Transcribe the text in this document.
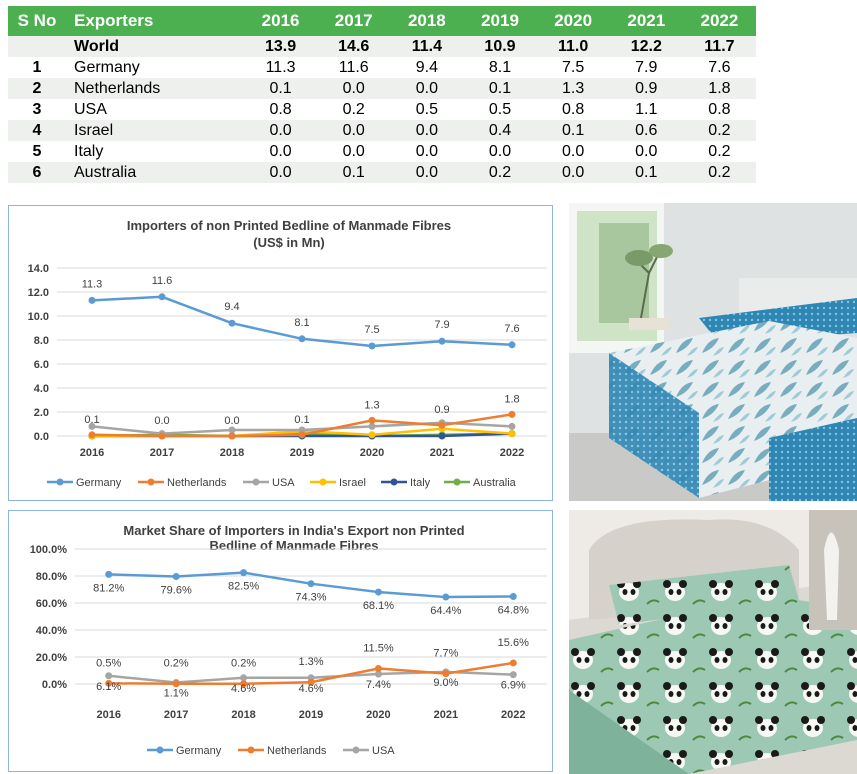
S No	Exporters	2016	2017	2018	2019	2020	2021	2022
	World	13.9	14.6	11.4	10.9	11.0	12.2	11.7
1	Germany	11.3	11.6	9.4	8.1	7.5	7.9	7.6
2	Netherlands	0.1	0.0	0.0	0.1	1.3	0.9	1.8
3	USA	0.8	0.2	0.5	0.5	0.8	1.1	0.8
4	Israel	0.0	0.0	0.0	0.4	0.1	0.6	0.2
5	Italy	0.0	0.0	0.0	0.0	0.0	0.0	0.2
6	Australia	0.0	0.1	0.0	0.2	0.0	0.1	0.2
Importers of non Printed Bedline of Manmade Fibres
(US$ in Mn)
0.0
2.0
4.0
6.0
8.0
10.0
12.0
14.0
2016	2017	2018	2019	2020	2021	2022
11.3	11.6
9.4
8.1
7.5	7.9	7.6
0.1	0.0	0.0	0.1
1.3	0.9
1.8
Germany	Netherlands	USA	Israel	Italy	Australia
Market Share of Importers in India's Export non Printed Bedline of Manmade Fibres
0.0%
20.0%
40.0%
60.0%
80.0%
100.0%
2016	2017	2018	2019	2020	2021	2022
81.2%	79.6%	82.5%
74.3%
68.1%	64.4%	64.8%
0.5%	0.2%	0.2%	1.3%
11.5%	7.7%
15.6%
6.1%
1.1%	4.6%	4.6%	7.4%	9.0%	6.9%
Germany	Netherlands	USA
